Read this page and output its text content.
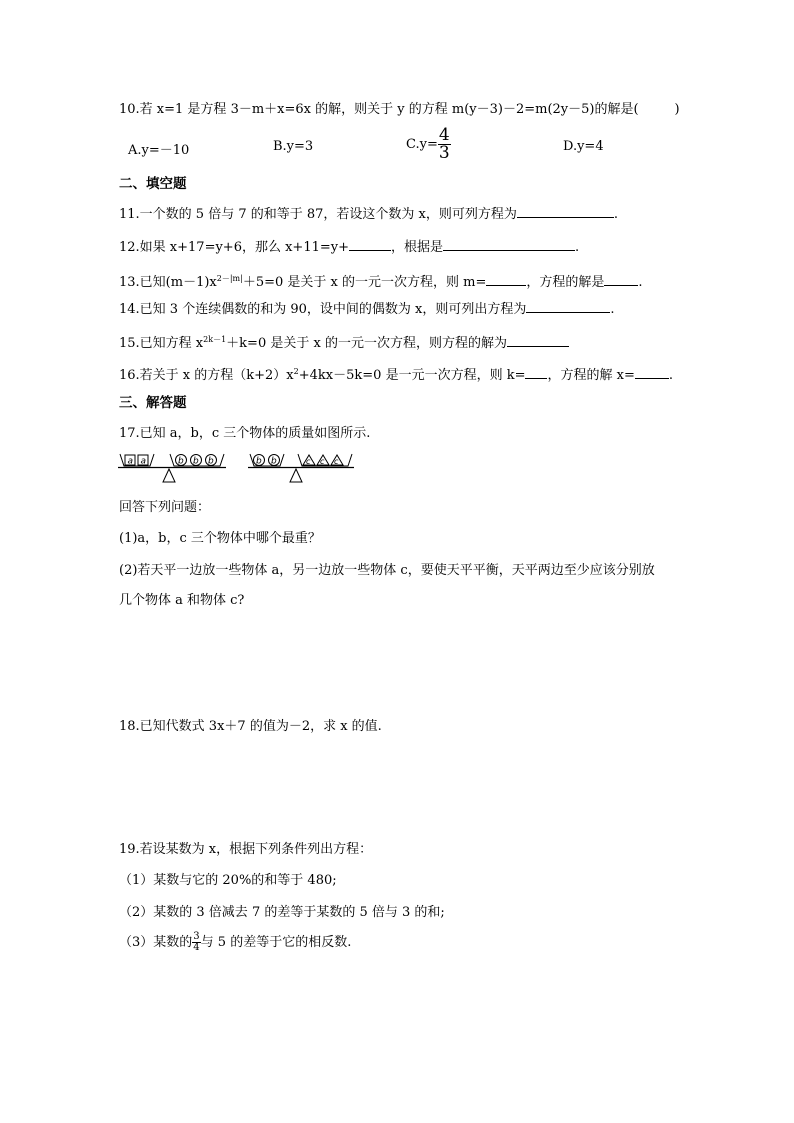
10.若 x=1 是方程 3－m＋x=6x 的解，则关于 y 的方程 m(y－3)－2=m(2y－5)的解是(	)
A.y=－10	B.y=3	$C.y= \frac{4}{3}$	D.y=4
二、填空题
11.一个数的 5 倍与 7 的和等于 87，若设这个数为 x，则可列方程为	.
12.如果 x+17=y+6，那么 x+11=y+	，根据是	.
13.已知$(m-1)x^{2-|m|}+5=0$ 是关于 x 的一元一次方程，则 m=	，方程的解是	.
14.已知 3 个连续偶数的和为 90，设中间的偶数为 x，则可列出方程为	.
15.已知方程 $x^{2k-1}+k=0$ 是关于 x 的一元一次方程，则方程的解为
16.若关于 x 的方程$(k+2)x^2+4kx-5k=0$ 是一元一次方程，则 k= ，方程的解 x=	.
三、解答题
17.已知 a，b，c 三个物体的质量如图所示.
a a	b b b	b b	c c c
回答下列问题：
(1)a，b，c 三个物体中哪个最重？
(2)若天平一边放一些物体 a，另一边放一些物体 c，要使天平平衡，天平两边至少应该分别放
几个物体 a 和物体 c?
18.已知代数式 3x＋7 的值为－2，求 x 的值.
19.若设某数为 x，根据下列条件列出方程：
（1）某数与它的 20%的和等于 480;
（2）某数的 3 倍减去 7 的差等于某数的 5 倍与 3 的和;
（3）某数的 $\frac{3}{4}$ 与 5 的差等于它的相反数.
